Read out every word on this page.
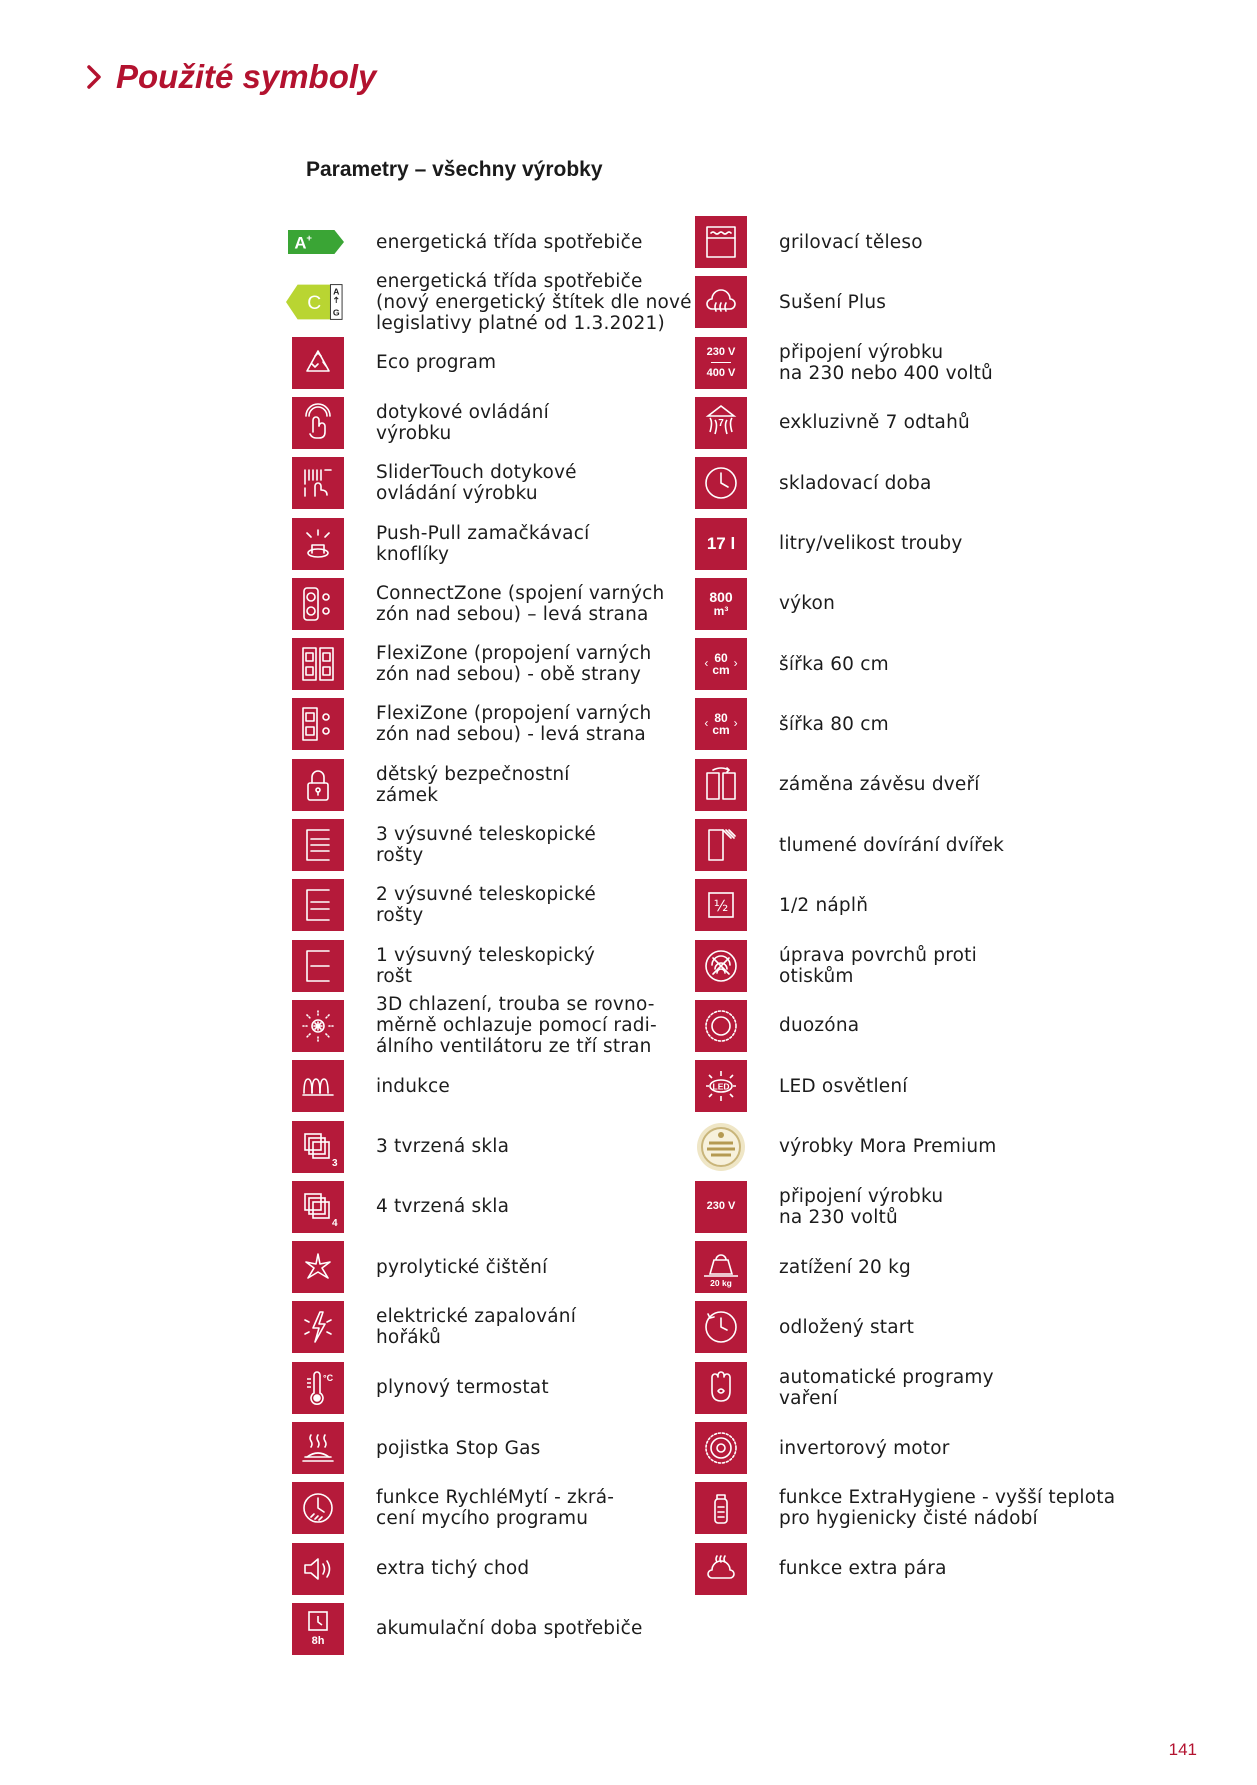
Použité symboly
Parametry – všechny výrobky
A +	energetická třída spotřebiče
C
A
G
energetická třída spotřebiče
(nový energetický štítek dle nové legislativy platné od 1.3.2021)
Eco program
dotykové ovládání
výrobku
SliderTouch dotykové
ovládání výrobku
Push-Pull zamačkávací
knoflíky
ConnectZone (spojení varných
zón nad sebou) – levá strana
FlexiZone (propojení varných
zón nad sebou) - obě strany
FlexiZone (propojení varných
zón nad sebou) - levá strana
dětský bezpečnostní
zámek
3 výsuvné teleskopické
rošty
2 výsuvné teleskopické
rošty
1 výsuvný teleskopický
rošt
3D chlazení, trouba se rovno-
měrně ochlazuje pomocí radi-
álního ventilátoru ze tří stran
indukce
3
3 tvrzená skla
4
4 tvrzená skla
pyrolytické čištění
elektrické zapalování
hořáků
°C plynový termostat
pojistka Stop Gas
funkce RychléMytí - zkrá-
cení mycího programu
extra tichý chod
8h
akumulační doba spotřebiče
grilovací těleso
Sušení Plus
230 V
400 V
připojení výrobku
na 230 nebo 400 voltů
7	exkluzivně 7 odtahů
skladovací doba
17 l litry/velikost trouby
800
m³	výkon
‹ 60
cm › šířka 60 cm
‹ 80
cm › šířka 80 cm
záměna závěsu dveří
tlumené dovírání dvířek
½	1/2 náplň
úprava povrchů proti
otiskům
duozóna
LED	LED osvětlení
výrobky Mora Premium
230 V připojení výrobku
na 230 voltů
20 kg
zatížení 20 kg
odložený start
automatické programy
vaření
invertorový motor
funkce ExtraHygiene - vyšší teplota
pro hygienicky čisté nádobí
funkce extra pára
141
